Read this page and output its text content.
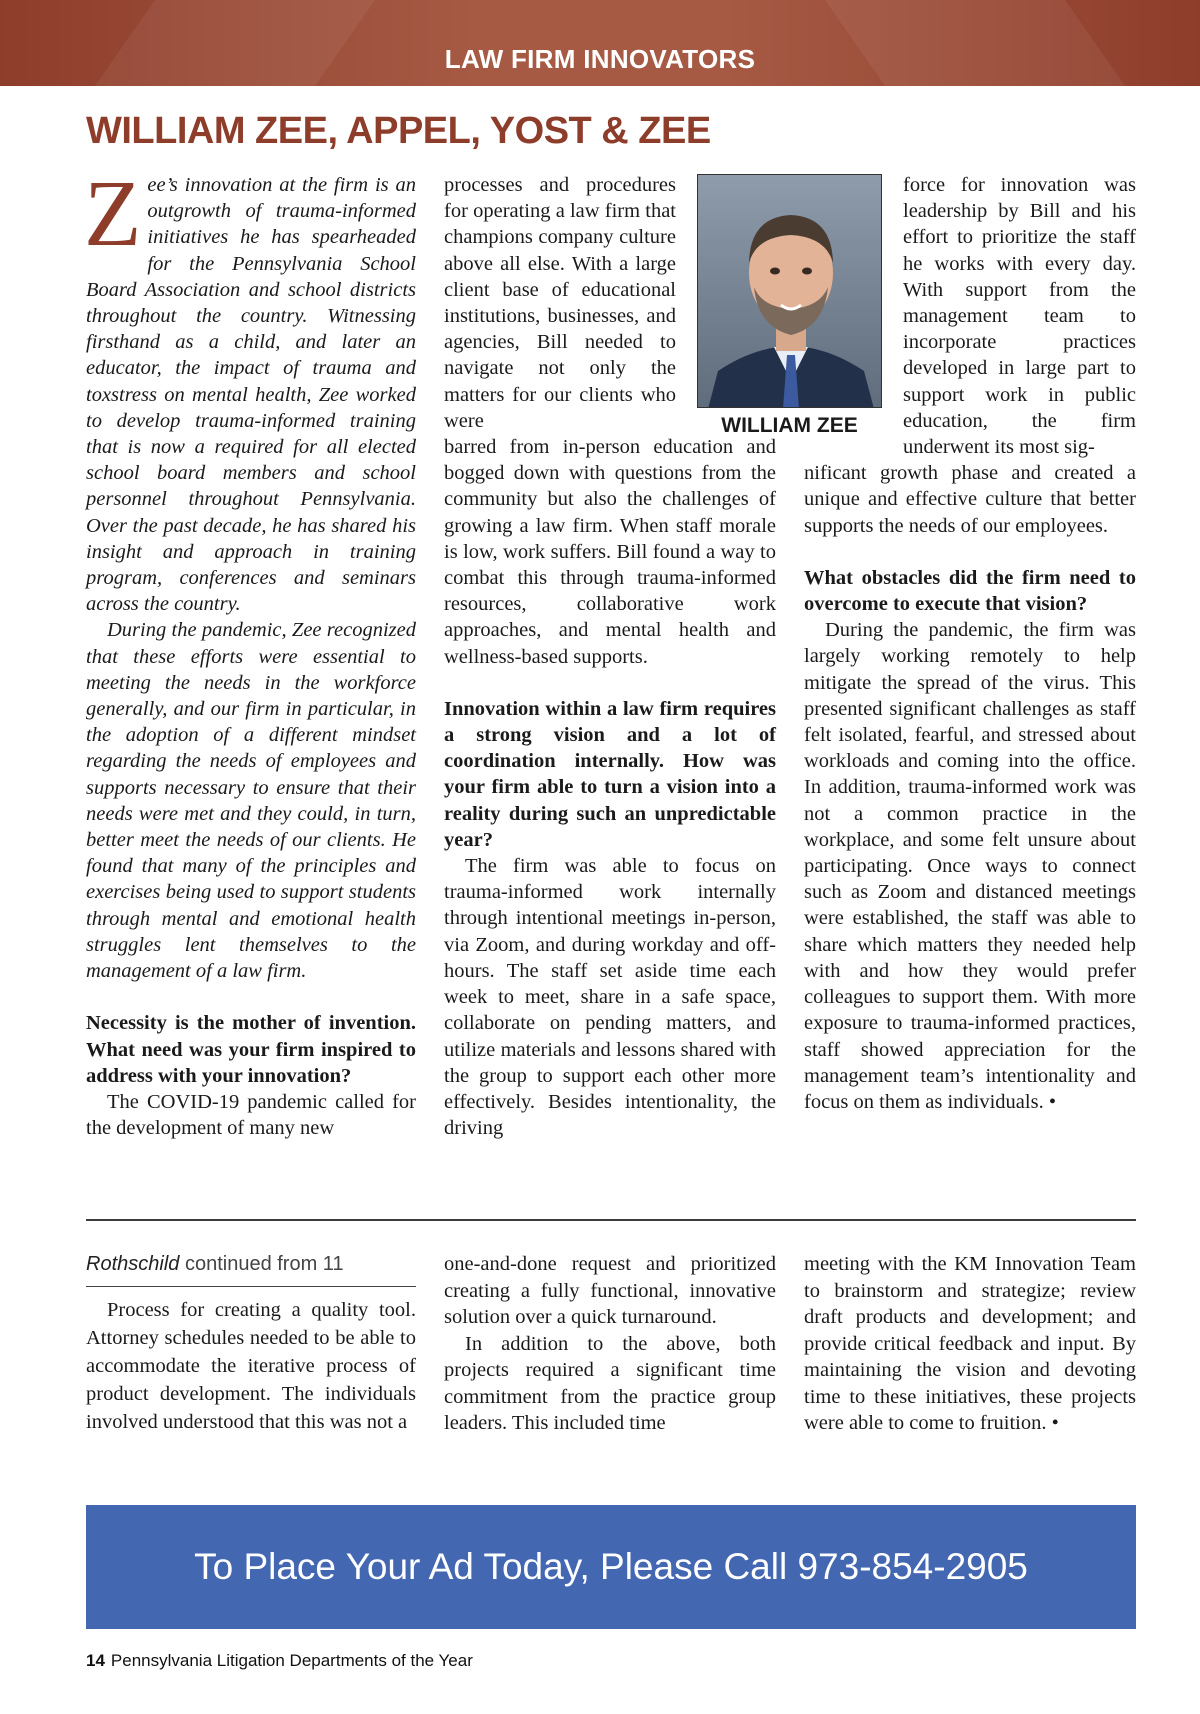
LAW FIRM INNOVATORS
WILLIAM ZEE, APPEL, YOST & ZEE

Zee’s innovation at the firm is an outgrowth of trauma-informed initiatives he has spearheaded for the Pennsylvania School Board Association and school districts throughout the country. Witnessing firsthand as a child, and later an educator, the impact of trauma and toxstress on mental health, Zee worked to develop trauma-informed training that is now a required for all elected school board members and school personnel throughout Pennsylvania. Over the past decade, he has shared his insight and approach in training program, conferences and seminars across the country.

During the pandemic, Zee recognized that these efforts were essential to meeting the needs in the workforce generally, and our firm in particular, in the adoption of a different mindset regarding the needs of employees and supports necessary to ensure that their needs were met and they could, in turn, better meet the needs of our clients. He found that many of the principles and exercises being used to support students through mental and emotional health struggles lent themselves to the management of a law firm.

Necessity is the mother of invention. What need was your firm inspired to address with your innovation?

The COVID-19 pandemic called for the development of many new

processes and procedures for operating a law firm that champions company culture above all else. With a large client base of educational institutions, businesses, and agencies, Bill needed to navigate not only the matters for our clients who were

barred from in-person education and bogged down with questions from the community but also the challenges of growing a law firm. When staff morale is low, work suffers. Bill found a way to combat this through trauma-informed resources, collaborative work approaches, and mental health and wellness-based supports.

Innovation within a law firm requires a strong vision and a lot of coordination internally. How was your firm able to turn a vision into a reality during such an unpredictable year?

The firm was able to focus on trauma-informed work internally through intentional meetings in-person, via Zoom, and during workday and off-hours. The staff set aside time each week to meet, share in a safe space, collaborate on pending matters, and utilize materials and lessons shared with the group to support each other more effectively. Besides intentionality, the driving

WILLIAM ZEE

force for innovation was leadership by Bill and his effort to prioritize the staff he works with every day. With support from the management team to incorporate practices developed in large part to support work in public education, the firm underwent its most sig-

nificant growth phase and created a unique and effective culture that better supports the needs of our employees.

What obstacles did the firm need to overcome to execute that vision?

During the pandemic, the firm was largely working remotely to help mitigate the spread of the virus. This presented significant challenges as staff felt isolated, fearful, and stressed about workloads and coming into the office. In addition, trauma-informed work was not a common practice in the workplace, and some felt unsure about participating. Once ways to connect such as Zoom and distanced meetings were established, the staff was able to share which matters they needed help with and how they would prefer colleagues to support them. With more exposure to trauma-informed practices, staff showed appreciation for the management team’s intentionality and focus on them as individuals. •

Rothschild continued from 11

Process for creating a quality tool. Attorney schedules needed to be able to accommodate the iterative process of product development. The individuals involved understood that this was not a

one-and-done request and prioritized creating a fully functional, innovative solution over a quick turnaround.

In addition to the above, both projects required a significant time commitment from the practice group leaders. This included time

meeting with the KM Innovation Team to brainstorm and strategize; review draft products and development; and provide critical feedback and input. By maintaining the vision and devoting time to these initiatives, these projects were able to come to fruition. •

To Place Your Ad Today, Please Call 973-854-2905
14 Pennsylvania Litigation Departments of the Year
